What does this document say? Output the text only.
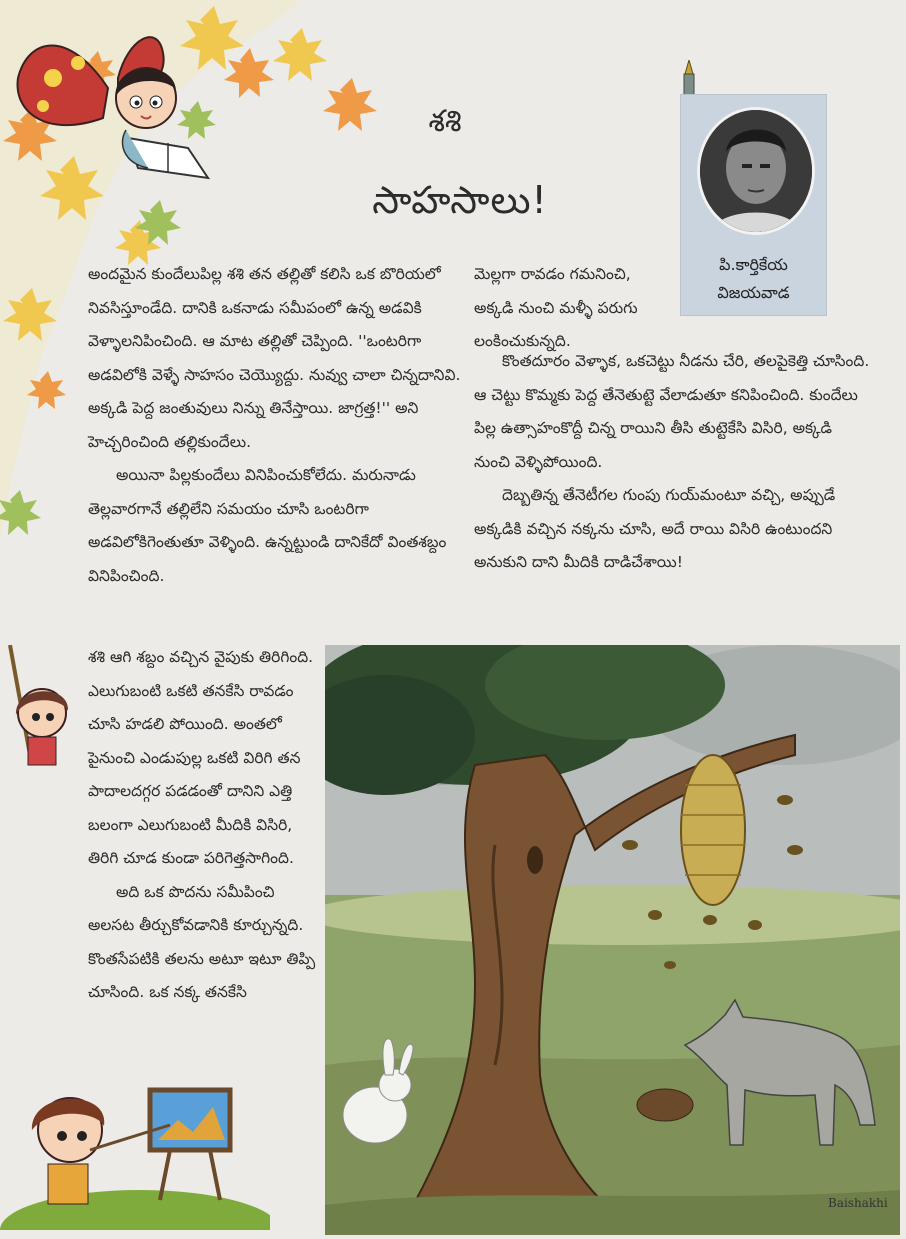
శశి
సాహసాలు!
పి.కార్తికేయ
విజయవాడ

అందమైన కుందేలుపిల్ల శశి తన తల్లితో కలిసి ఒక బొరియలో నివసిస్తూండేది. దానికి ఒకనాడు సమీపంలో ఉన్న అడవికి వెళ్ళాలనిపించింది. ఆ మాట తల్లితో చెప్పింది. ''ఒంటరిగా అడవిలోకి వెళ్ళే సాహసం చెయ్యొద్దు. నువ్వు చాలా చిన్నదానివి. అక్కడి పెద్ద జంతువులు నిన్ను తినేస్తాయి. జాగ్రత్త!'' అని హెచ్చరించింది తల్లికుందేలు.

అయినా పిల్లకుందేలు వినిపించుకోలేదు. మరునాడు తెల్లవారగానే తల్లిలేని సమయం చూసి ఒంటరిగా అడవిలోకిగెంతుతూ వెళ్ళింది. ఉన్నట్టుండి దానికేదో వింతశబ్దం వినిపించింది.

శశి ఆగి శబ్దం వచ్చిన వైపుకు తిరిగింది. ఎలుగుబంటి ఒకటి తనకేసి రావడం చూసి హడలి పోయింది. అంతలో పైనుంచి ఎండుపుల్ల ఒకటి విరిగి తన పాదాలదగ్గర పడడంతో దానిని ఎత్తి బలంగా ఎలుగుబంటి మీదికి విసిరి, తిరిగి చూడ కుండా పరిగెత్తసాగింది.

అది ఒక పొదను సమీపించి అలసట తీర్చుకోవడానికి కూర్చున్నది. కొంతసేపటికి తలను అటూ ఇటూ తిప్పి చూసింది. ఒక నక్క తనకేసి

మెల్లగా రావడం గమనించి, అక్కడి నుంచి మళ్ళీ పరుగు లంకించుకున్నది.

కొంతదూరం వెళ్ళాక, ఒకచెట్టు నీడను చేరి, తలపైకెత్తి చూసింది. ఆ చెట్టు కొమ్మకు పెద్ద తేనెతుట్టె వేలాడుతూ కనిపించింది. కుందేలు పిల్ల ఉత్సాహంకొద్దీ చిన్న రాయిని తీసి తుట్టెకేసి విసిరి, అక్కడి నుంచి వెళ్ళిపోయింది.

దెబ్బతిన్న తేనెటీగల గుంపు గుయ్‌మంటూ వచ్చి, అప్పుడే అక్కడికి వచ్చిన నక్కను చూసి, అదే రాయి విసిరి ఉంటుందని అనుకుని దాని మీదికి దాడిచేశాయి!

Baishakhi
